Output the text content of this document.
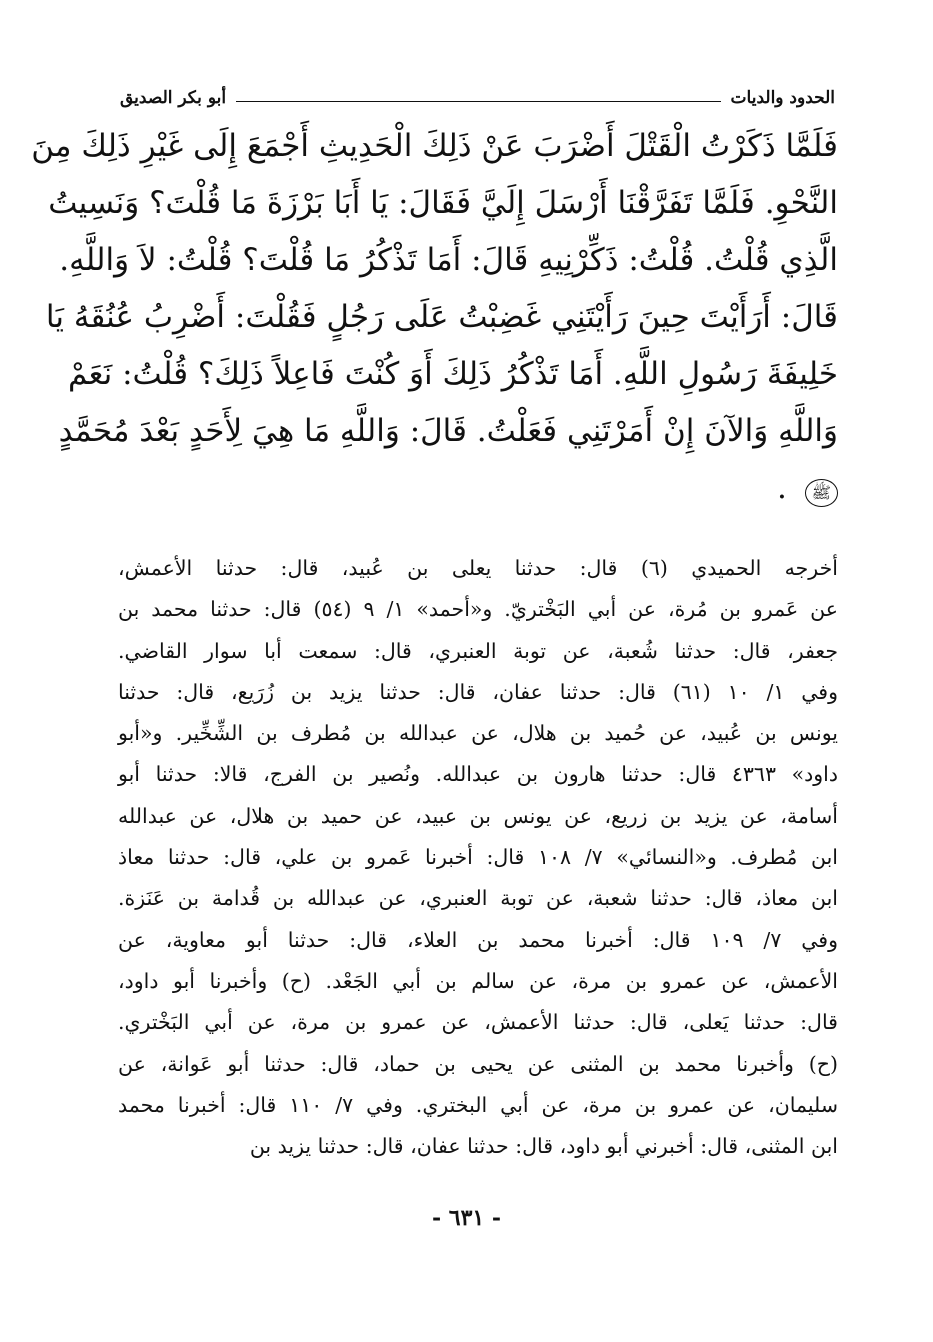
الحدود والديات
أبو بكر الصديق
فَلَمَّا ذَكَرْتُ الْقَتْلَ أَضْرَبَ عَنْ ذَلِكَ الْحَدِيثِ أَجْمَعَ إِلَى غَيْرِ ذَلِكَ مِنَ
النَّحْوِ. فَلَمَّا تَفَرَّقْنَا أَرْسَلَ إِلَيَّ فَقَالَ: يَا أَبَا بَرْزَةَ مَا قُلْتَ؟ وَنَسِيتُ
الَّذِي قُلْتُ. قُلْتُ: ذَكِّرْنِيهِ قَالَ: أَمَا تَذْكُرُ مَا قُلْتَ؟ قُلْتُ: لاَ وَاللَّهِ.
قَالَ: أَرَأَيْتَ حِينَ رَأَيْتَنِي غَضِبْتُ عَلَى رَجُلٍ فَقُلْتَ: أَضْرِبُ عُنُقَهُ يَا
خَلِيفَةَ رَسُولِ اللَّهِ. أَمَا تَذْكُرُ ذَلِكَ أَوَ كُنْتَ فَاعِلاً ذَلِكَ؟ قُلْتُ: نَعَمْ
وَاللَّهِ وَالآنَ إِنْ أَمَرْتَنِي فَعَلْتُ. قَالَ: وَاللَّهِ مَا هِيَ لِأَحَدٍ بَعْدَ مُحَمَّدٍ
ﷺ .
أخرجه الحميدي (٦) قال: حدثنا يعلى بن عُبيد، قال: حدثنا الأعمش،
عن عَمرو بن مُرة، عن أبي البَخْتريّ. و«أحمد» ١/ ٩ (٥٤) قال: حدثنا محمد بن
جعفر، قال: حدثنا شُعبة، عن توبة العنبري، قال: سمعت أبا سوار القاضي.
وفي ١/ ١٠ (٦١) قال: حدثنا عفان، قال: حدثنا يزيد بن زُرَيع، قال: حدثنا
يونس بن عُبيد، عن حُميد بن هلال، عن عبدالله بن مُطرف بن الشِّخِّير. و«أبو
داود» ٤٣٦٣ قال: حدثنا هارون بن عبدالله. ونُصير بن الفرج، قالا: حدثنا أبو
أسامة، عن يزيد بن زريع، عن يونس بن عبيد، عن حميد بن هلال، عن عبدالله
ابن مُطرف. و«النسائي» ٧/ ١٠٨ قال: أخبرنا عَمرو بن علي، قال: حدثنا معاذ
ابن معاذ، قال: حدثنا شعبة، عن توبة العنبري، عن عبدالله بن قُدامة بن عَنَزة.
وفي ٧/ ١٠٩ قال: أخبرنا محمد بن العلاء، قال: حدثنا أبو معاوية، عن
الأعمش، عن عمرو بن مرة، عن سالم بن أبي الجَعْد. (ح) وأخبرنا أبو داود،
قال: حدثنا يَعلى، قال: حدثنا الأعمش، عن عمرو بن مرة، عن أبي البَخْتري.
(ح) وأخبرنا محمد بن المثنى عن يحيى بن حماد، قال: حدثنا أبو عَوانة، عن
سليمان، عن عمرو بن مرة، عن أبي البختري. وفي ٧/ ١١٠ قال: أخبرنا محمد
ابن المثنى، قال: أخبرني أبو داود، قال: حدثنا عفان، قال: حدثنا يزيد بن
- ٦٣١ -
